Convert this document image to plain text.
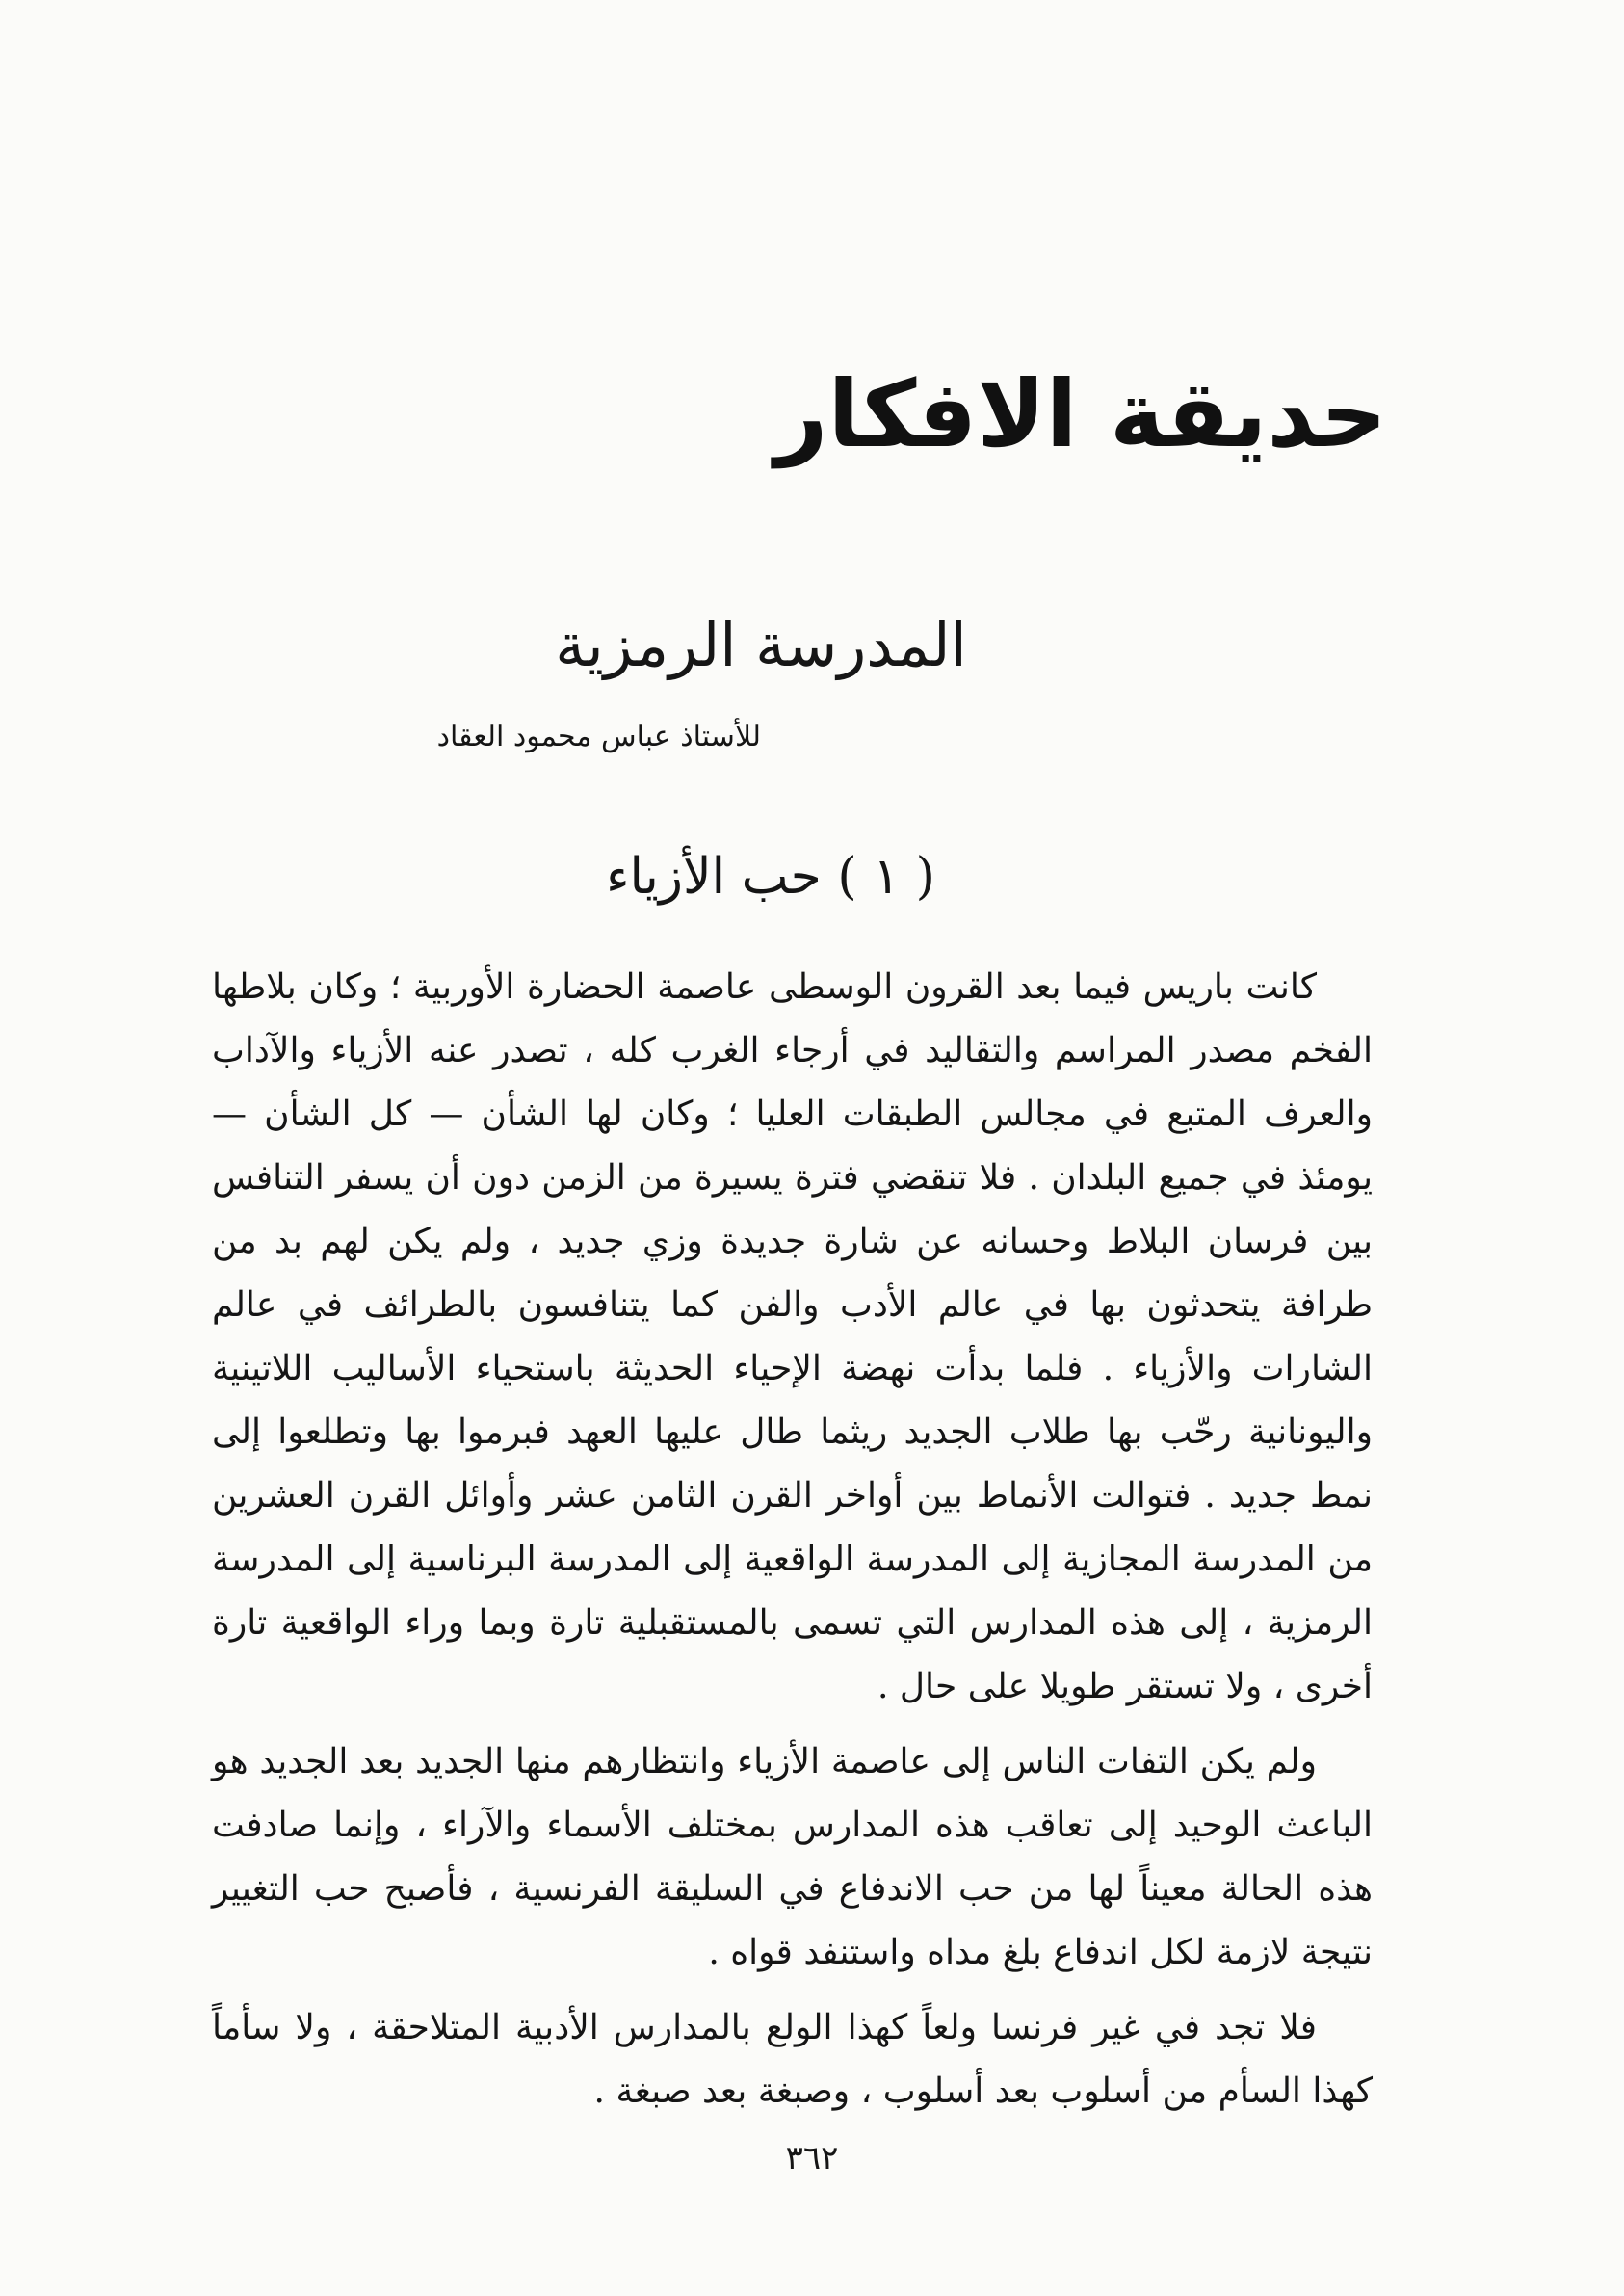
حديقة الافكار
المدرسة الرمزية
للأستاذ عباس محمود العقاد
( ١ ) حب الأزياء

كانت باريس فيما بعد القرون الوسطى عاصمة الحضارة الأوربية ؛ وكان بلاطها الفخم مصدر المراسم والتقاليد في أرجاء الغرب كله ، تصدر عنه الأزياء والآداب والعرف المتبع في مجالس الطبقات العليا ؛ وكان لها الشأن — كل الشأن — يومئذ في جميع البلدان . فلا تنقضي فترة يسيرة من الزمن دون أن يسفر التنافس بين فرسان البلاط وحسانه عن شارة جديدة وزي جديد ، ولم يكن لهم بد من طرافة يتحدثون بها في عالم الأدب والفن كما يتنافسون بالطرائف في عالم الشارات والأزياء . فلما بدأت نهضة الإحياء الحديثة باستحياء الأساليب اللاتينية واليونانية رحّب بها طلاب الجديد ريثما طال عليها العهد فبرموا بها وتطلعوا إلى نمط جديد . فتوالت الأنماط بين أواخر القرن الثامن عشر وأوائل القرن العشرين من المدرسة المجازية إلى المدرسة الواقعية إلى المدرسة البرناسية إلى المدرسة الرمزية ، إلى هذه المدارس التي تسمى بالمستقبلية تارة وبما وراء الواقعية تارة أخرى ، ولا تستقر طويلا على حال .

ولم يكن التفات الناس إلى عاصمة الأزياء وانتظارهم منها الجديد بعد الجديد هو الباعث الوحيد إلى تعاقب هذه المدارس بمختلف الأسماء والآراء ، وإنما صادفت هذه الحالة معيناً لها من حب الاندفاع في السليقة الفرنسية ، فأصبح حب التغيير نتيجة لازمة لكل اندفاع بلغ مداه واستنفد قواه .

فلا تجد في غير فرنسا ولعاً كهذا الولع بالمدارس الأدبية المتلاحقة ، ولا سأماً كهذا السأم من أسلوب بعد أسلوب ، وصبغة بعد صبغة .

٣٦٢
